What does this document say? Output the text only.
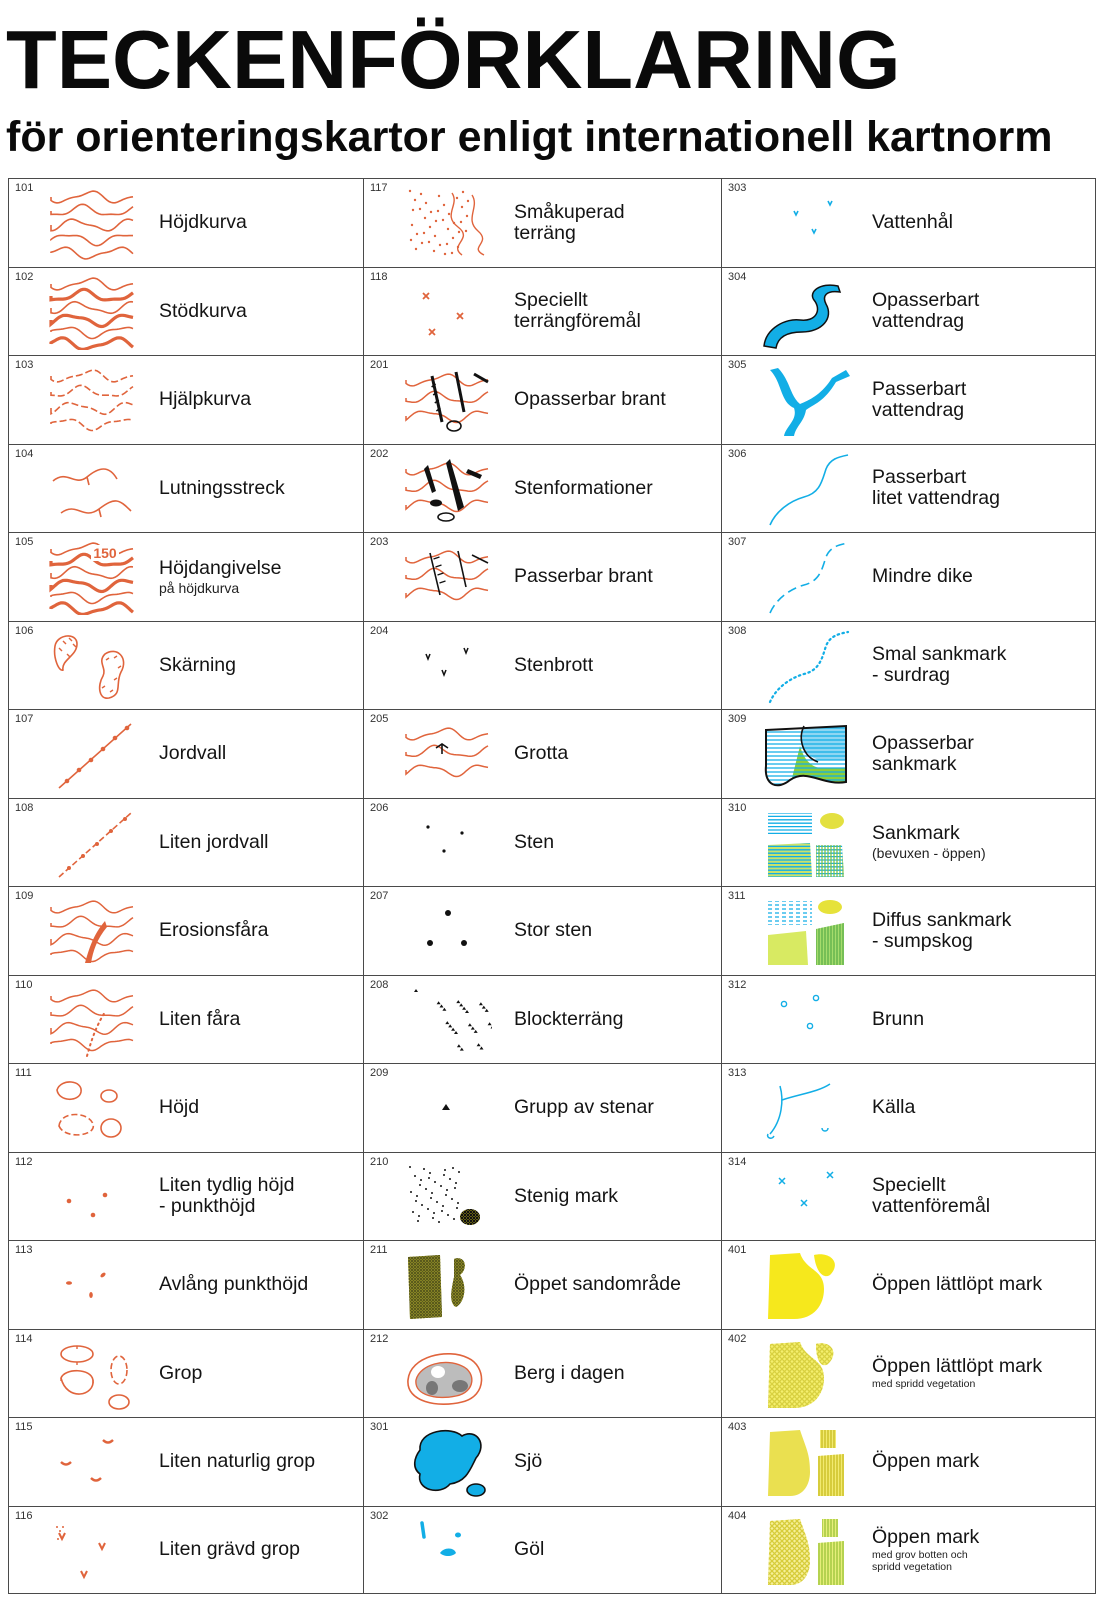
TECKENFÖRKLARING
för orienteringskartor enligt internationell kartnorm
101
Höjdkurva
102
Stödkurva
103
Hjälpkurva
104
Lutningsstreck
105
150
Höjdangivelse
på höjdkurva
106
Skärning
107
Jordvall
108
Liten jordvall
109
Erosionsfåra
110
Liten fåra
111
Höjd
112
Liten tydlig höjd
- punkthöjd
113
Avlång punkthöjd
114
Grop
115
Liten naturlig grop
116
Liten grävd grop
117
Småkuperad
terräng
118
Speciellt
terrängföremål
201
Opasserbar brant
202
Stenformationer
203
Passerbar brant
204
Stenbrott
205
Grotta
206
Sten
207
Stor sten
208
Blockterräng
209
Grupp av stenar
210
Stenig mark
211
Öppet sandområde
212
Berg i dagen
301
Sjö
302
Göl
303
Vattenhål
304
Opasserbart
vattendrag
305
Passerbart
vattendrag
306
Passerbart
litet vattendrag
307
Mindre dike
308
Smal sankmark
- surdrag
309
Opasserbar
sankmark
310
Sankmark
(bevuxen - öppen)
311
Diffus sankmark
- sumpskog
312
Brunn
313
Källa
314
Speciellt
vattenföremål
401
Öppen lättlöpt mark
402
Öppen lättlöpt mark
med spridd vegetation
403
Öppen mark
404
Öppen mark
med grov botten och
spridd vegetation
